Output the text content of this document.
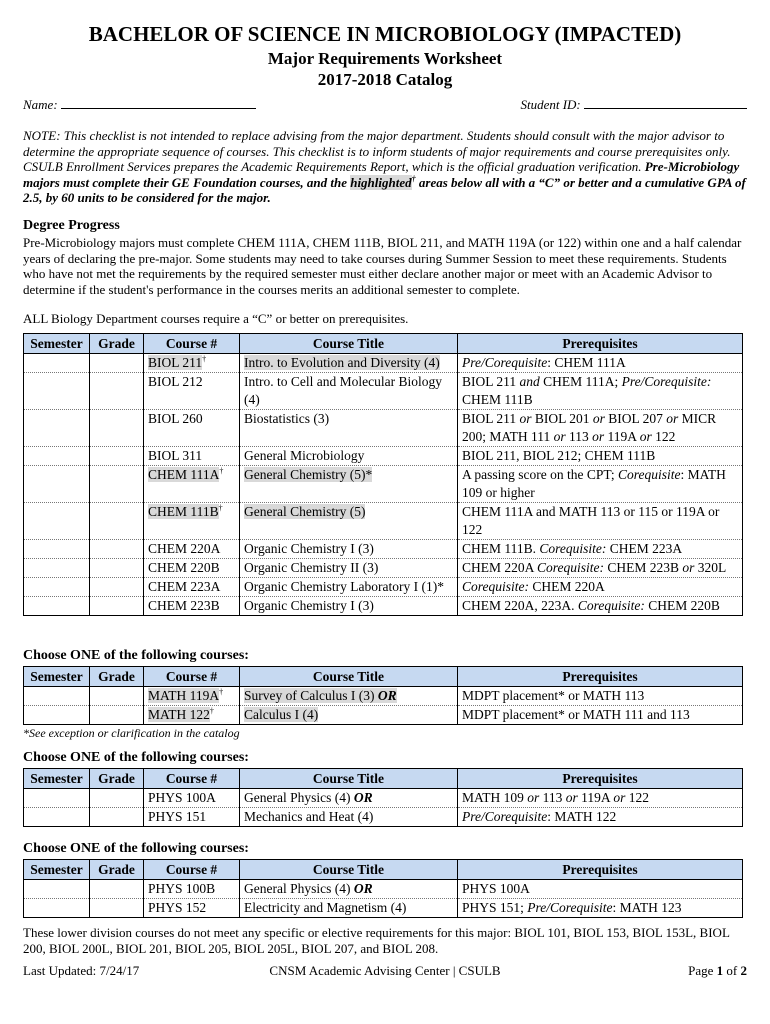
BACHELOR OF SCIENCE IN MICROBIOLOGY (IMPACTED)
Major Requirements Worksheet
2017-2018 Catalog
Name:	Student ID:
NOTE: This checklist is not intended to replace advising from the major department. Students should consult with the major advisor to determine the appropriate sequence of courses. This checklist is to inform students of major requirements and course prerequisites only. CSULB Enrollment Services prepares the Academic Requirements Report, which is the official graduation verification. Pre-Microbiology majors must complete their GE Foundation courses, and the highlighted† areas below all with a “C” or better and a cumulative GPA of 2.5, by 60 units to be considered for the major.
Degree Progress
Pre-Microbiology majors must complete CHEM 111A, CHEM 111B, BIOL 211, and MATH 119A (or 122) within one and a half calendar years of declaring the pre-major. Some students may need to take courses during Summer Session to meet these requirements. Students who have not met the requirements by the required semester must either declare another major or meet with an Academic Advisor to determine if the student's performance in the courses merits an additional semester to complete.
ALL Biology Department courses require a “C” or better on prerequisites.
Semester	Grade	Course #	Course Title	Prerequisites
		BIOL 211†	Intro. to Evolution and Diversity (4)	Pre/Corequisite: CHEM 111A
		BIOL 212	Intro. to Cell and Molecular Biology (4)	BIOL 211 and CHEM 111A; Pre/Corequisite: CHEM 111B
		BIOL 260	Biostatistics (3)	BIOL 211 or BIOL 201 or BIOL 207 or MICR 200; MATH 111 or 113 or 119A or 122
		BIOL 311	General Microbiology	BIOL 211, BIOL 212; CHEM 111B
		CHEM 111A†	General Chemistry (5)*	A passing score on the CPT; Corequisite: MATH 109 or higher
		CHEM 111B†	General Chemistry (5)	CHEM 111A and MATH 113 or 115 or 119A or 122
		CHEM 220A	Organic Chemistry I (3)	CHEM 111B. Corequisite: CHEM 223A
		CHEM 220B	Organic Chemistry II (3)	CHEM 220A Corequisite: CHEM 223B or 320L
		CHEM 223A	Organic Chemistry Laboratory I (1)*	Corequisite: CHEM 220A
		CHEM 223B	Organic Chemistry I (3)	CHEM 220A, 223A. Corequisite: CHEM 220B
Choose ONE of the following courses:
Semester	Grade	Course #	Course Title	Prerequisites
		MATH 119A†	Survey of Calculus I (3) OR	MDPT placement* or MATH 113
		MATH 122†	Calculus I (4)	MDPT placement* or MATH 111 and 113
*See exception or clarification in the catalog
Choose ONE of the following courses:
Semester	Grade	Course #	Course Title	Prerequisites
		PHYS 100A	General Physics (4) OR	MATH 109 or 113 or 119A or 122
		PHYS 151	Mechanics and Heat (4)	Pre/Corequisite: MATH 122
Choose ONE of the following courses:
Semester	Grade	Course #	Course Title	Prerequisites
		PHYS 100B	General Physics (4) OR	PHYS 100A
		PHYS 152	Electricity and Magnetism (4)	PHYS 151; Pre/Corequisite: MATH 123
These lower division courses do not meet any specific or elective requirements for this major: BIOL 101, BIOL 153, BIOL 153L, BIOL 200, BIOL 200L, BIOL 201, BIOL 205, BIOL 205L, BIOL 207, and BIOL 208.
Last Updated: 7/24/17	CNSM Academic Advising Center | CSULB	Page 1 of 2
